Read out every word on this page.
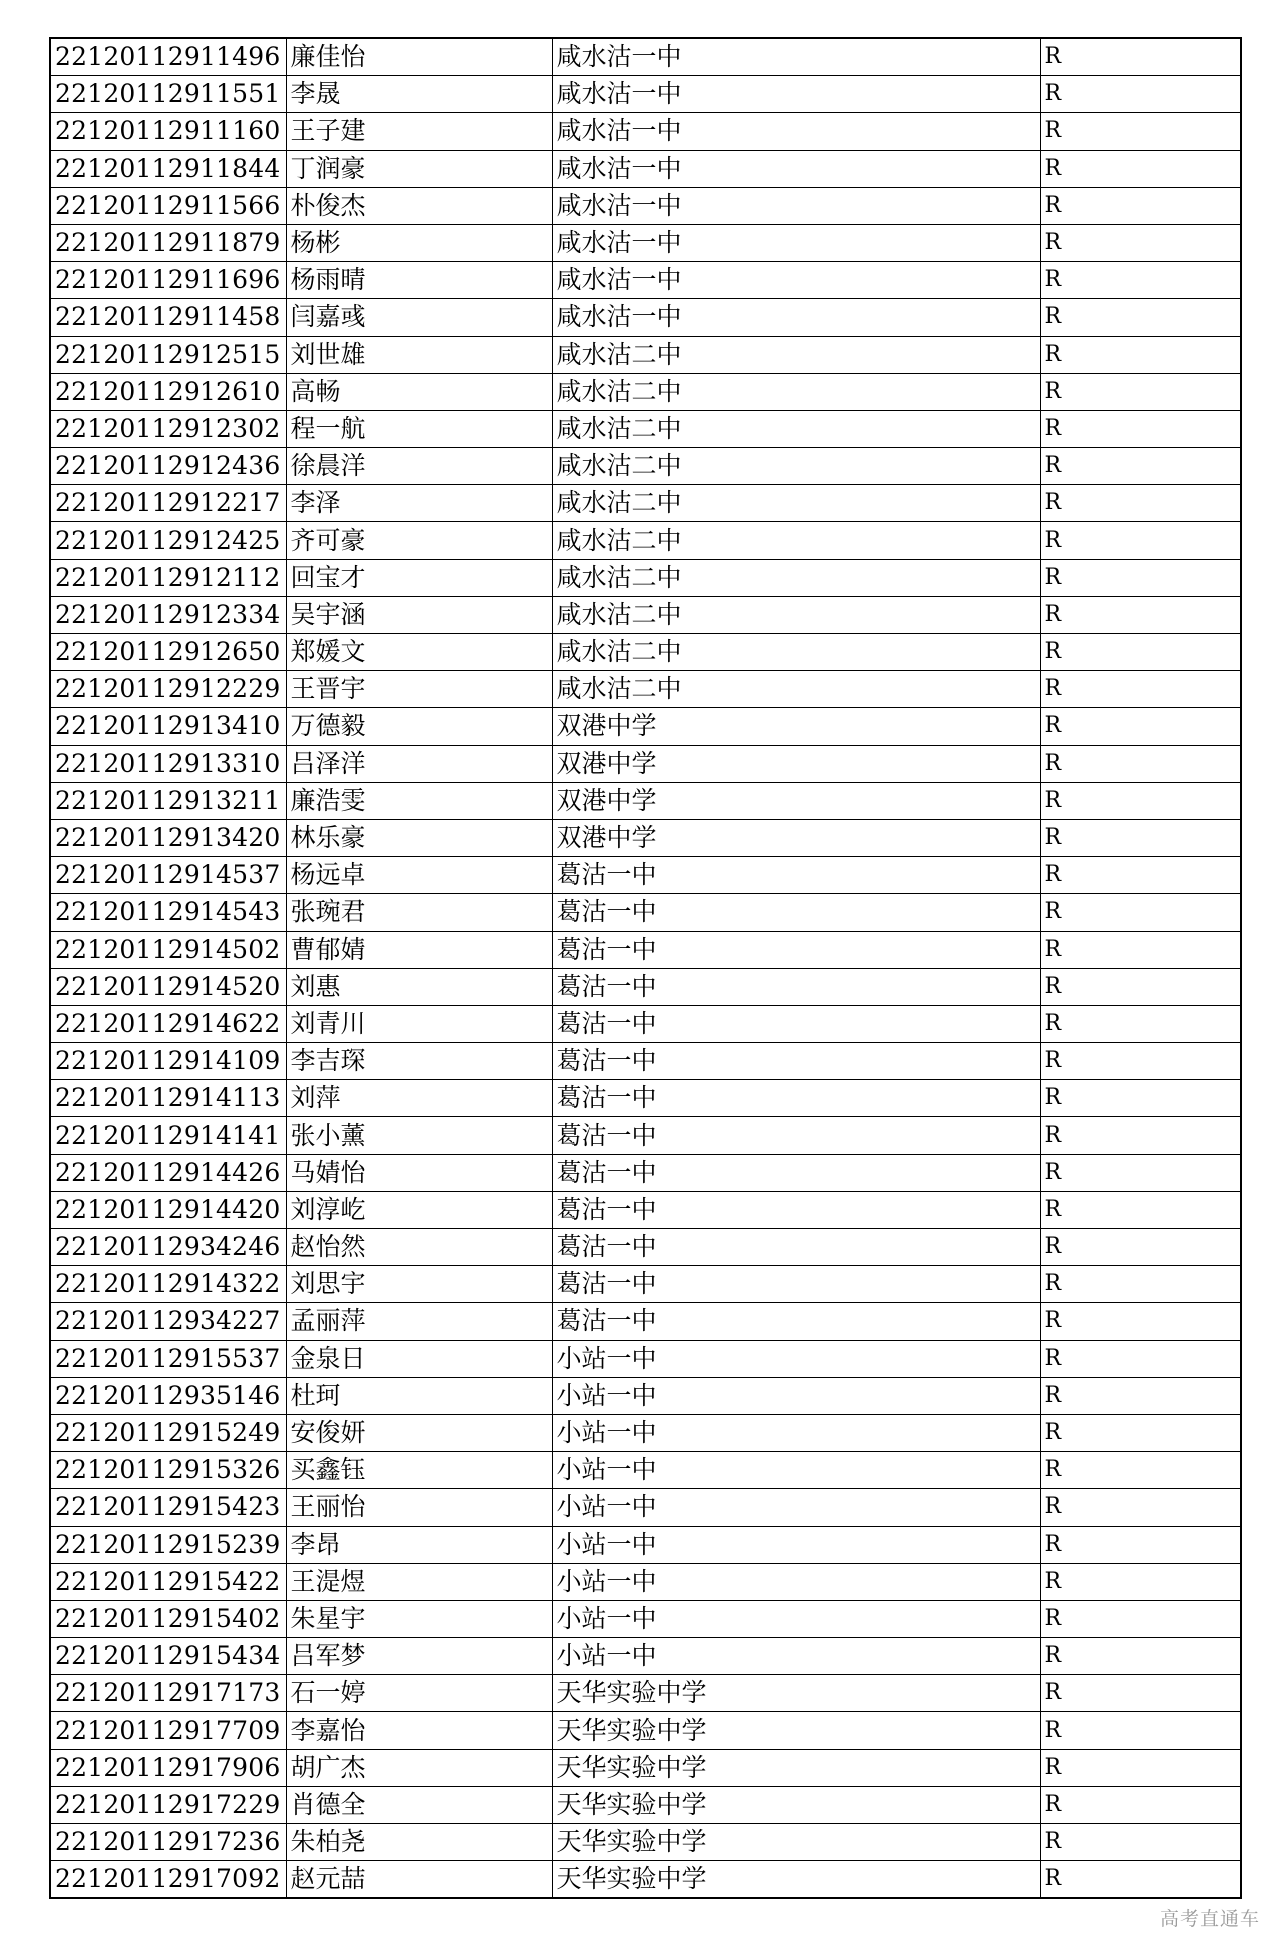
22120112911496	廉佳怡	咸水沽一中	R
22120112911551	李晟	咸水沽一中	R
22120112911160	王子建	咸水沽一中	R
22120112911844	丁润豪	咸水沽一中	R
22120112911566	朴俊杰	咸水沽一中	R
22120112911879	杨彬	咸水沽一中	R
22120112911696	杨雨晴	咸水沽一中	R
22120112911458	闫嘉彧	咸水沽一中	R
22120112912515	刘世雄	咸水沽二中	R
22120112912610	高畅	咸水沽二中	R
22120112912302	程一航	咸水沽二中	R
22120112912436	徐晨洋	咸水沽二中	R
22120112912217	李泽	咸水沽二中	R
22120112912425	齐可豪	咸水沽二中	R
22120112912112	回宝才	咸水沽二中	R
22120112912334	吴宇涵	咸水沽二中	R
22120112912650	郑媛文	咸水沽二中	R
22120112912229	王晋宇	咸水沽二中	R
22120112913410	万德毅	双港中学	R
22120112913310	吕泽洋	双港中学	R
22120112913211	廉浩雯	双港中学	R
22120112913420	林乐豪	双港中学	R
22120112914537	杨远卓	葛沽一中	R
22120112914543	张琬君	葛沽一中	R
22120112914502	曹郁婧	葛沽一中	R
22120112914520	刘惠	葛沽一中	R
22120112914622	刘青川	葛沽一中	R
22120112914109	李吉琛	葛沽一中	R
22120112914113	刘萍	葛沽一中	R
22120112914141	张小薰	葛沽一中	R
22120112914426	马婧怡	葛沽一中	R
22120112914420	刘淳屹	葛沽一中	R
22120112934246	赵怡然	葛沽一中	R
22120112914322	刘思宇	葛沽一中	R
22120112934227	孟丽萍	葛沽一中	R
22120112915537	金泉日	小站一中	R
22120112935146	杜珂	小站一中	R
22120112915249	安俊妍	小站一中	R
22120112915326	买鑫钰	小站一中	R
22120112915423	王丽怡	小站一中	R
22120112915239	李昂	小站一中	R
22120112915422	王湜煜	小站一中	R
22120112915402	朱星宇	小站一中	R
22120112915434	吕军梦	小站一中	R
22120112917173	石一婷	天华实验中学	R
22120112917709	李嘉怡	天华实验中学	R
22120112917906	胡广杰	天华实验中学	R
22120112917229	肖德全	天华实验中学	R
22120112917236	朱柏尧	天华实验中学	R
22120112917092	赵元喆	天华实验中学	R
高考直通车
